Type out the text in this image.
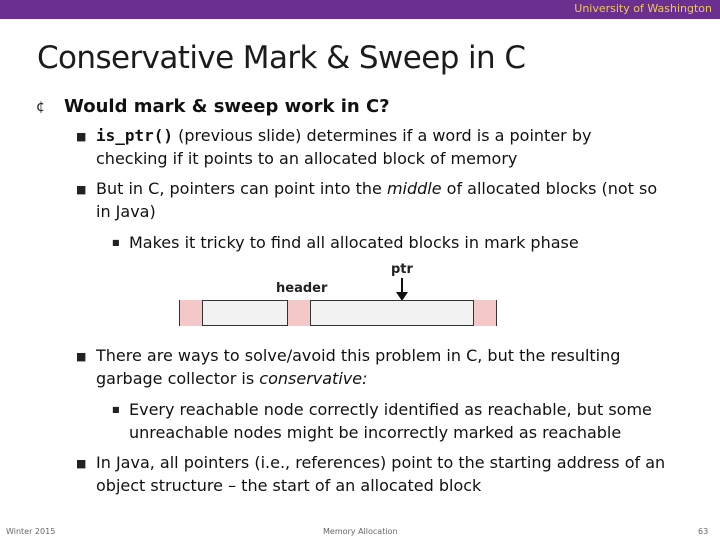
University of Washington
Conservative Mark & Sweep in C
¢ Would mark & sweep work in C?
■ is_ptr() (previous slide) determines if a word is a pointer by
checking if it points to an allocated block of memory
■ But in C, pointers can point into the middle of allocated blocks (not so
in Java)
■ Makes it tricky to find all allocated blocks in mark phase
ptr
header
■ There are ways to solve/avoid this problem in C, but the resulting
garbage collector is conservative:
■ Every reachable node correctly identified as reachable, but some
unreachable nodes might be incorrectly marked as reachable
■ In Java, all pointers (i.e., references) point to the starting address of an
object structure – the start of an allocated block
Winter 2015	Memory Allocation	63
